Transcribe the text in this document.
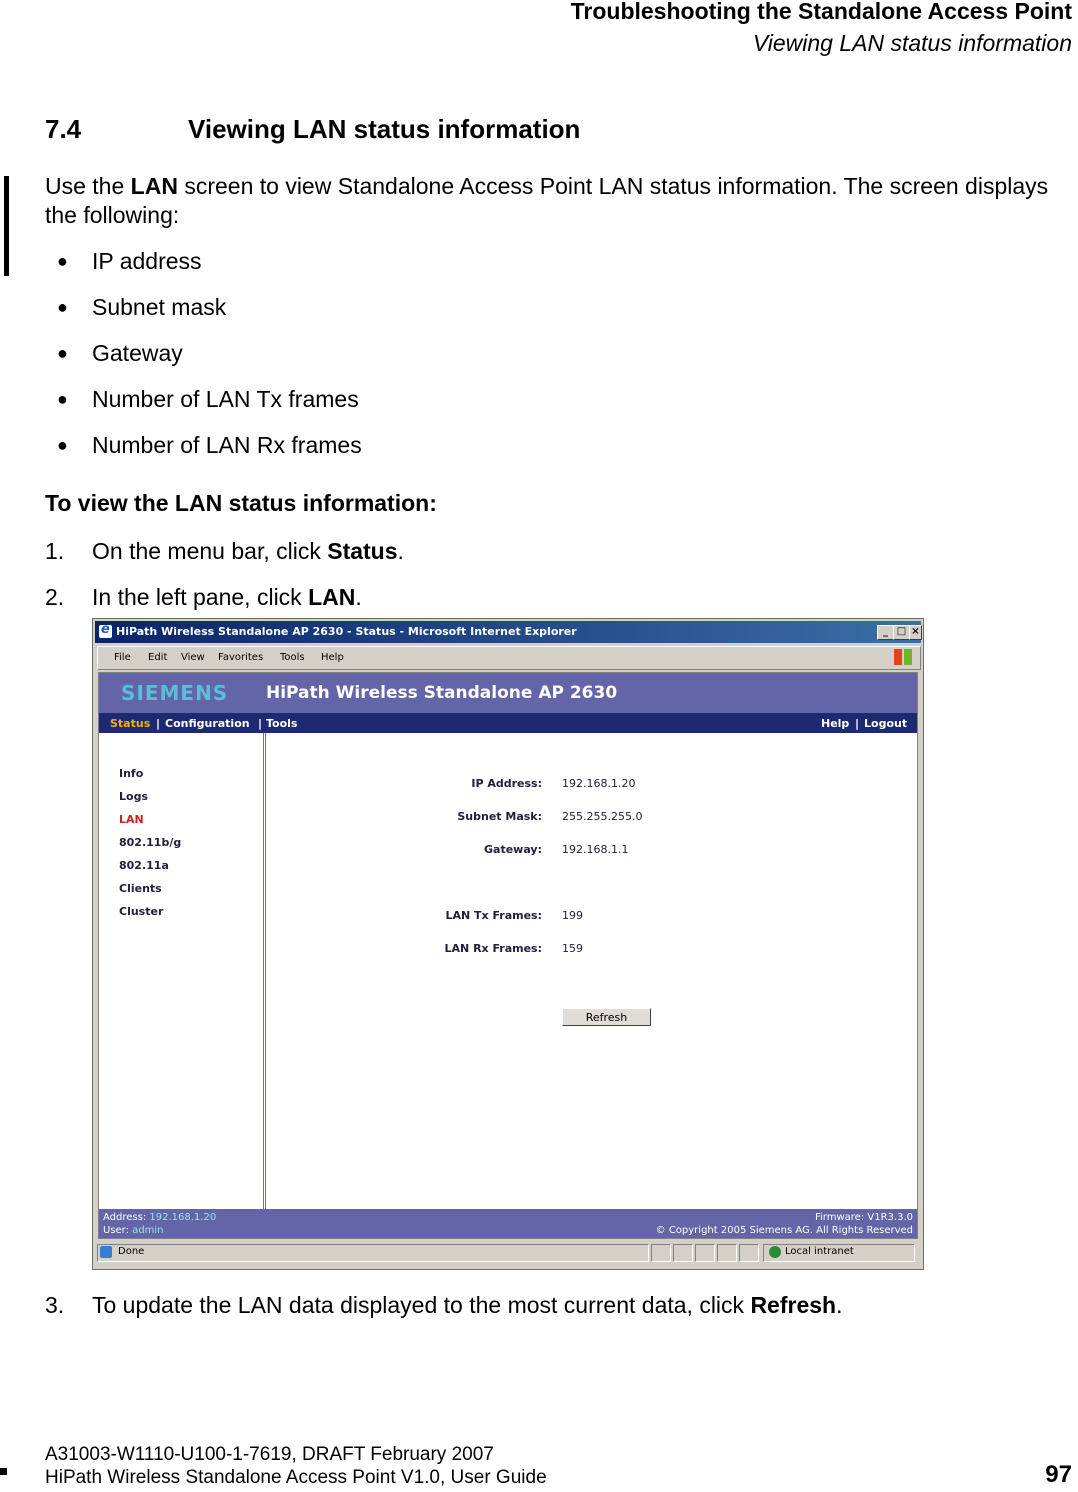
Troubleshooting the Standalone Access Point
Viewing LAN status information
7.4	Viewing LAN status information
Use the LAN screen to view Standalone Access Point LAN status information. The screen displays the following:
● IP address
● Subnet mask
● Gateway
● Number of LAN Tx frames
● Number of LAN Rx frames
To view the LAN status information:
1. On the menu bar, click Status.
2. In the left pane, click LAN.
e
HiPath Wireless Standalone AP 2630 - Status - Microsoft Internet Explorer	_ □ ×
File Edit View Favorites Tools Help
SIEMENS HiPath Wireless Standalone AP 2630
Status | Configuration | Tools	Help | Logout
Info
Logs
LAN
802.11b/g
802.11a
Clients
Cluster
IP Address: 192.168.1.20
Subnet Mask: 255.255.255.0
Gateway: 192.168.1.1
LAN Tx Frames: 199
LAN Rx Frames: 159
Refresh
Address: 192.168.1.20
User: admin
Firmware: V1R3.3.0
© Copyright 2005 Siemens AG. All Rights Reserved
Done	Local intranet
3. To update the LAN data displayed to the most current data, click Refresh.
A31003-W1110-U100-1-7619, DRAFT February 2007
HiPath Wireless Standalone Access Point V1.0, User Guide	97
